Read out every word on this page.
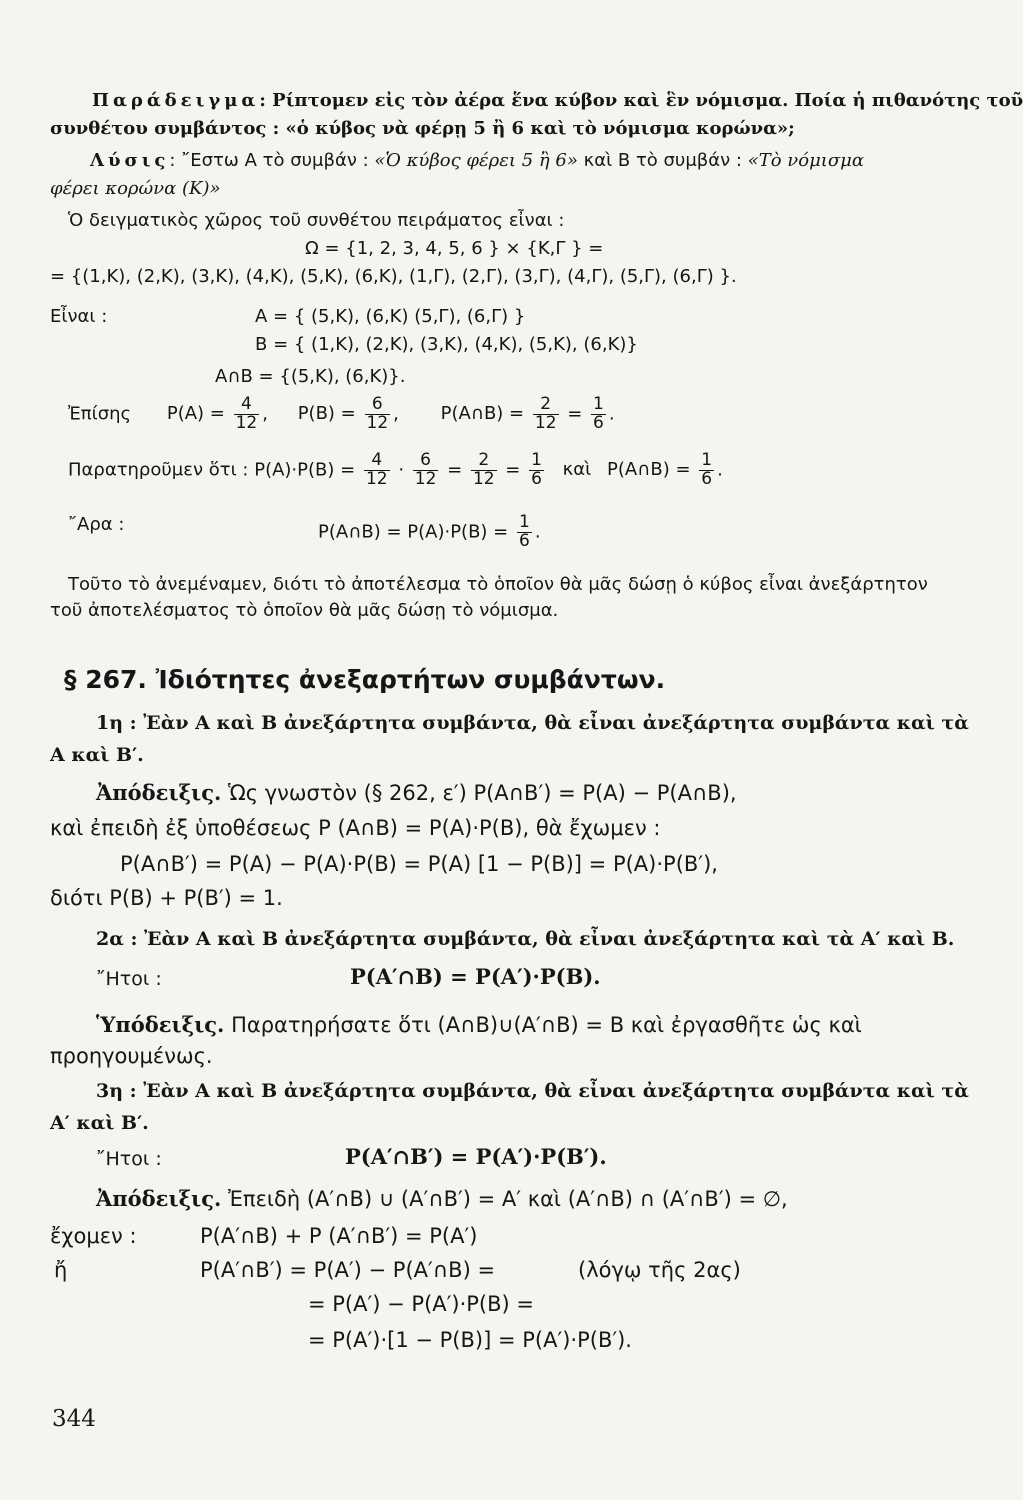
Παράδειγμα: Ρίπτομεν εἰς τὸν ἀέρα ἕνα κύβον καὶ ἓν νόμισμα. Ποία ἡ πιθανότης τοῦ
συνθέτου συμβάντος : «ὁ κύβος νὰ φέρῃ 5 ἢ 6 καὶ τὸ νόμισμα κορώνα»;
Λύσις: ῎Εστω A τὸ συμβάν : «Ὁ κύβος φέρει 5 ἢ 6» καὶ B τὸ συμβάν : «Τὸ νόμισμα
φέρει κορώνα (K)»
Ὁ δειγματικὸς χῶρος τοῦ συνθέτου πειράματος εἶναι :
Ω = {1, 2, 3, 4, 5, 6 } × {K,Γ } =
= {(1,K), (2,K), (3,K), (4,K), (5,K), (6,K), (1,Γ), (2,Γ), (3,Γ), (4,Γ), (5,Γ), (6,Γ) }.
Εἶναι :	A = { (5,K), (6,K) (5,Γ), (6,Γ) }
B = { (1,K), (2,K), (3,K), (4,K), (5,K), (6,K)}
A∩B = {(5,K), (6,K)}.
Ἐπίσης $P(A) = \frac{4}{12}$ , $P(B) = \frac{6}{12}$ , P(A∩B) = $\frac{2}{12} = \frac{1}{6}$ .
Παρατηροῦμεν ὅτι : $P(A)\cdot P(B) = \frac{4}{12} \cdot \frac{6}{12} = \frac{2}{12} = \frac{1}{6}$ καὶ P(A∩B) = $\frac{1}{6}$ .
῎Αρα :	P(A∩B) = $P(A)\cdot P(B) = \frac{1}{6}$ .
Τοῦτο τὸ ἀνεμέναμεν, διότι τὸ ἀποτέλεσμα τὸ ὁποῖον θὰ μᾶς δώσῃ ὁ κύβος εἶναι ἀνεξάρτητον
τοῦ ἀποτελέσματος τὸ ὁποῖον θὰ μᾶς δώσῃ τὸ νόμισμα.
§ 267. Ἰδιότητες ἀνεξαρτήτων συμβάντων.
1η : Ἐὰν A καὶ B ἀνεξάρτητα συμβάντα, θὰ εἶναι ἀνεξάρτητα συμβάντα καὶ τὰ
A καὶ B′.
Ἀπόδειξις. Ὡς γνωστὸν (§ 262, ε′) P(A∩B′) = P(A) − P(A∩B),
καὶ ἐπειδὴ ἐξ ὑποθέσεως P (A∩B) = P(A)·P(B), θὰ ἔχωμεν :
P(A∩B′) = P(A) − P(A)·P(B) = P(A) [1 − P(B)] = P(A)·P(B′),
διότι P(B) + P(B′) = 1.
2α : Ἐὰν A καὶ B ἀνεξάρτητα συμβάντα, θὰ εἶναι ἀνεξάρτητα καὶ τὰ A′ καὶ B.
῎Ητοι :	P(A′∩B) = P(A′)·P(B).
Ὑπόδειξις. Παρατηρήσατε ὅτι (A∩B)∪(A′∩B) = B καὶ ἐργασθῆτε ὡς καὶ
προηγουμένως.
3η : Ἐὰν A καὶ B ἀνεξάρτητα συμβάντα, θὰ εἶναι ἀνεξάρτητα συμβάντα καὶ τὰ
A′ καὶ B′.
῎Ητοι :	P(A′∩B′) = P(A′)·P(B′).
Ἀπόδειξις. Ἐπειδὴ (A′∩B) ∪ (A′∩B′) = A′ καὶ (A′∩B) ∩ (A′∩B′) = ∅,
ἔχομεν :	P(A′∩B) + P (A′∩B′) = P(A′)
ἤ	P(A′∩B′) = P(A′) − P(A′∩B) =	(λόγῳ τῆς 2ας)
= P(A′) − P(A′)·P(B) =
= P(A′)·[1 − P(B)] = P(A′)·P(B′).
344
